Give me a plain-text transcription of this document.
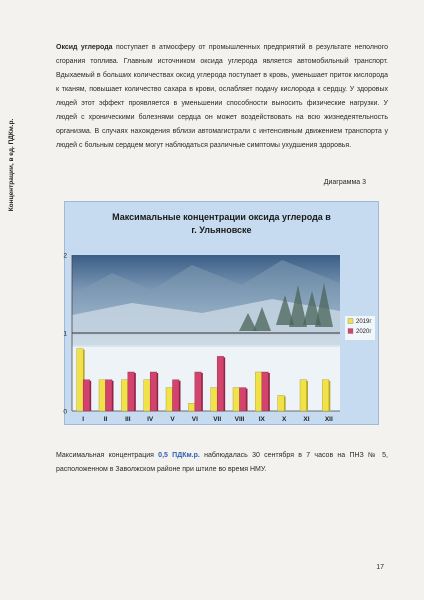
Оксид углерода поступает в атмосферу от промышленных предприятий в результате неполного сгорания топлива. Главным источником оксида углерода является автомобильный транспорт. Вдыхаемый в больших количествах оксид углерода поступает в кровь, уменьшает приток кислорода к тканям, повышает количество сахара в крови, ослабляет подачу кислорода к сердцу. У здоровых людей этот эффект проявляется в уменьшении способности выносить физические нагрузки. У людей с хроническими болезнями сердца он может воздействовать на всю жизнедеятельность организма. В случаях нахождения вблизи автомагистрали с интенсивным движением транспорта у людей с больным сердцем могут наблюдаться различные симптомы ухудшения здоровья.
Диаграмма 3
Максимальные концентрации оксида углерода в
г. Ульяновске
Концентрации, в ед. ПДКм.р.
0
1
2
I	II	III	IV	V	VI VII VIII IX	X	XI XII
2019г
2020г
Максимальная концентрация 0,5 ПДКм.р. наблюдалась 30 сентября в 7 часов на ПНЗ № 5, расположенном в Заволжском районе при штиле во время НМУ.
17
